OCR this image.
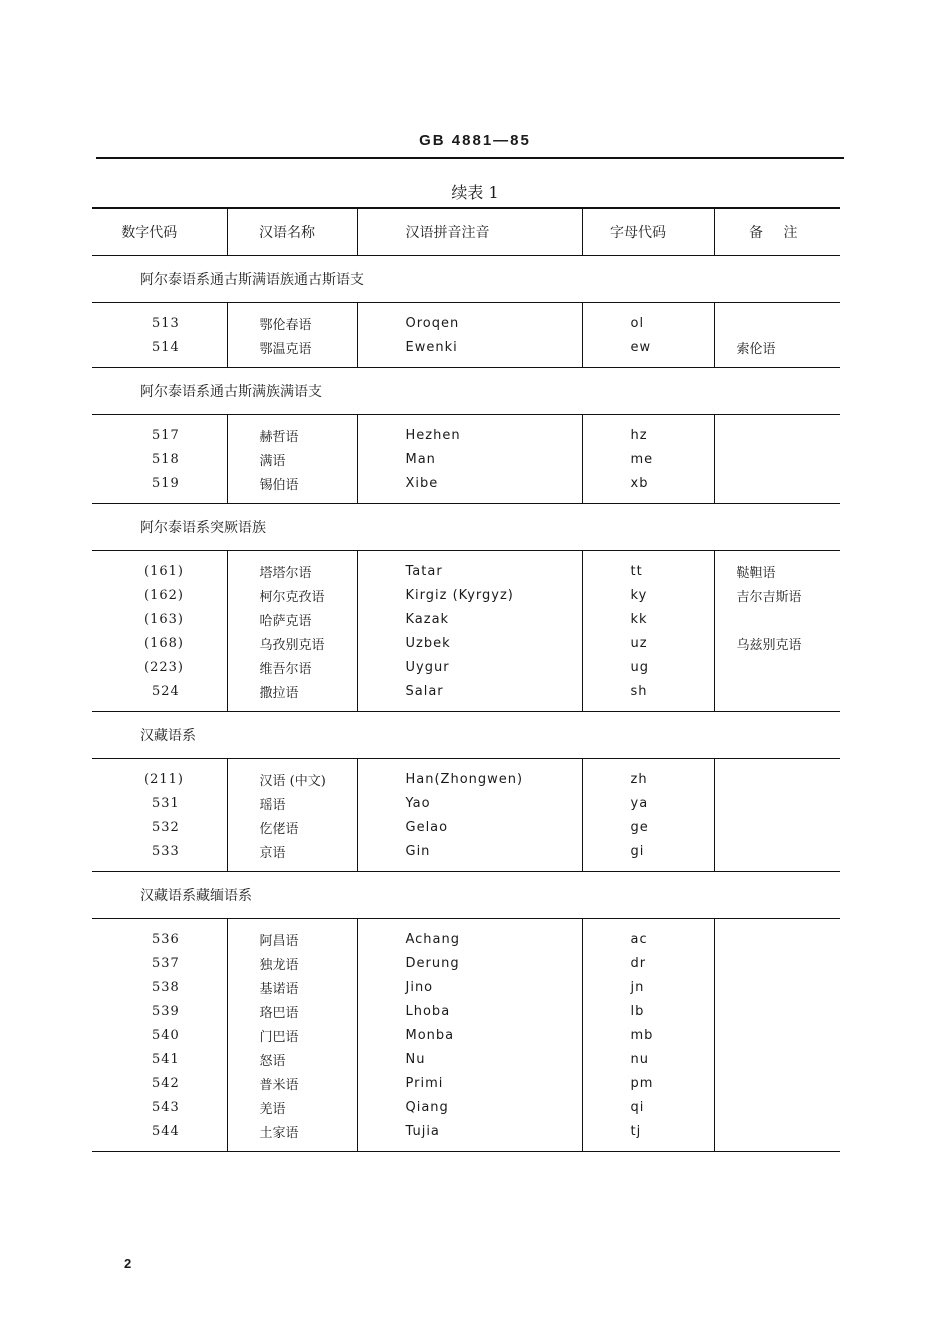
GB 4881—85
续表 1
数字代码	汉语名称	汉语拼音注音	字母代码	备 注
阿尔泰语系通古斯满语族通古斯语支				
513	鄂伦春语	Oroqen	ol	
514	鄂温克语	Ewenki	ew	索伦语
阿尔泰语系通古斯满族满语支				
517	赫哲语	Hezhen	hz	
518	满语	Man	me	
519	锡伯语	Xibe	xb	
阿尔泰语系突厥语族				
(161)	塔塔尔语	Tatar	tt	鞑靼语
(162)	柯尔克孜语	Kirgiz (Kyrgyz)	ky	吉尔吉斯语
(163)	哈萨克语	Kazak	kk	
(168)	乌孜别克语	Uzbek	uz	乌兹别克语
(223)	维吾尔语	Uygur	ug	
524	撒拉语	Salar	sh	
汉藏语系				
(211)	汉语 (中文)	Han(Zhongwen)	zh	
531	瑶语	Yao	ya	
532	仡佬语	Gelao	ge	
533	京语	Gin	gi	
汉藏语系藏缅语系				
536	阿昌语	Achang	ac	
537	独龙语	Derung	dr	
538	基诺语	Jino	jn	
539	珞巴语	Lhoba	lb	
540	门巴语	Monba	mb	
541	怒语	Nu	nu	
542	普米语	Primi	pm	
543	羌语	Qiang	qi	
544	土家语	Tujia	tj	
2
